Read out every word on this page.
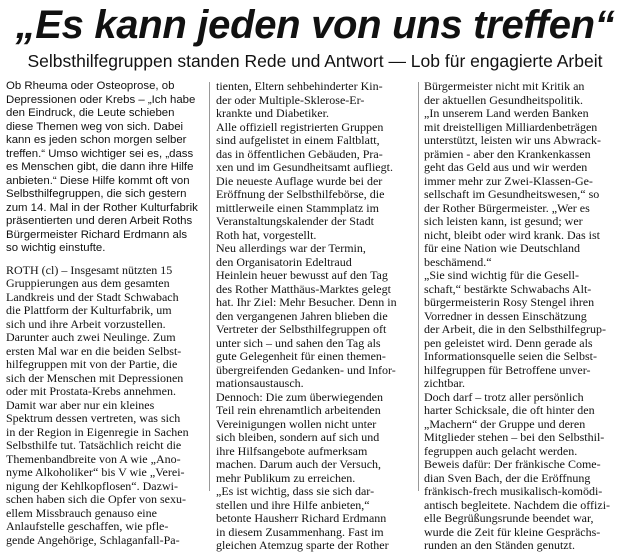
„Es kann jeden von uns treffen“
Selbsthilfegruppen standen Rede und Antwort — Lob für engagierte Arbeit
Ob Rheuma oder Osteoprose, ob
Depressionen oder Krebs – „Ich habe
den Eindruck, die Leute schieben
diese Themen weg von sich. Dabei
kann es jeden schon morgen selber
treffen.“ Umso wichtiger sei es, „dass
es Menschen gibt, die dann ihre Hilfe
anbieten.“ Diese Hilfe kommt oft von
Selbsthilfegruppen, die sich gestern
zum 14. Mal in der Rother Kulturfabrik
präsentierten und deren Arbeit Roths
Bürgermeister Richard Erdmann als
so wichtig einstufte.
ROTH (cl) – Insgesamt nützten 15
Gruppierungen aus dem gesamten
Landkreis und der Stadt Schwabach
die Plattform der Kulturfabrik, um
sich und ihre Arbeit vorzustellen.
Darunter auch zwei Neulinge. Zum
ersten Mal war en die beiden Selbst-
hilfegruppen mit von der Partie, die
sich der Menschen mit Depressionen
oder mit Prostata-Krebs annehmen.
Damit war aber nur ein kleines
Spektrum dessen vertreten, was sich
in der Region in Eigenregie in Sachen
Selbsthilfe tut. Tatsächlich reicht die
Themenbandbreite von A wie „Ano-
nyme Alkoholiker“ bis V wie „Verei-
nigung der Kehlkopflosen“. Dazwi-
schen haben sich die Opfer von sexu-
ellem Missbrauch genauso eine
Anlaufstelle geschaffen, wie pfle-
gende Angehörige, Schlaganfall-Pa-
tienten, Eltern sehbehinderter Kin-
der oder Multiple-Sklerose-Er-
krankte und Diabetiker.
Alle offiziell registrierten Gruppen
sind aufgelistet in einem Faltblatt,
das in öffentlichen Gebäuden, Pra-
xen und im Gesundheitsamt aufliegt.
Die neueste Auflage wurde bei der
Eröffnung der Selbsthilfebörse, die
mittlerweile einen Stammplatz im
Veranstaltungskalender der Stadt
Roth hat, vorgestellt.
Neu allerdings war der Termin,
den Organisatorin Edeltraud
Heinlein heuer bewusst auf den Tag
des Rother Matthäus-Marktes gelegt
hat. Ihr Ziel: Mehr Besucher. Denn in
den vergangenen Jahren blieben die
Vertreter der Selbsthilfegruppen oft
unter sich – und sahen den Tag als
gute Gelegenheit für einen themen-
übergreifenden Gedanken- und Infor-
mationsaustausch.
Dennoch: Die zum überwiegenden
Teil rein ehrenamtlich arbeitenden
Vereinigungen wollen nicht unter
sich bleiben, sondern auf sich und
ihre Hilfsangebote aufmerksam
machen. Darum auch der Versuch,
mehr Publikum zu erreichen.
„Es ist wichtig, dass sie sich dar-
stellen und ihre Hilfe anbieten,“
betonte Hausherr Richard Erdmann
in diesem Zusammenhang. Fast im
gleichen Atemzug sparte der Rother
Bürgermeister nicht mit Kritik an
der aktuellen Gesundheitspolitik.
„In unserem Land werden Banken
mit dreistelligen Milliardenbeträgen
unterstützt, leisten wir uns Abwrack-
prämien - aber den Krankenkassen
geht das Geld aus und wir werden
immer mehr zur Zwei-Klassen-Ge-
sellschaft im Gesundheitswesen,“ so
der Rother Bürgermeister. „Wer es
sich leisten kann, ist gesund; wer
nicht, bleibt oder wird krank. Das ist
für eine Nation wie Deutschland
beschämend.“
„Sie sind wichtig für die Gesell-
schaft,“ bestärkte Schwabachs Alt-
bürgermeisterin Rosy Stengel ihren
Vorredner in dessen Einschätzung
der Arbeit, die in den Selbsthilfegrup-
pen geleistet wird. Denn gerade als
Informationsquelle seien die Selbst-
hilfegruppen für Betroffene unver-
zichtbar.
Doch darf – trotz aller persönlich
harter Schicksale, die oft hinter den
„Machern“ der Gruppe und deren
Mitglieder stehen – bei den Selbsthil-
fegruppen auch gelacht werden.
Beweis dafür: Der fränkische Come-
dian Sven Bach, der die Eröffnung
fränkisch-frech musikalisch-komödi-
antisch begleitete. Nachdem die offizi-
elle Begrüßungsrunde beendet war,
wurde die Zeit für kleine Gesprächs-
runden an den Ständen genutzt.
